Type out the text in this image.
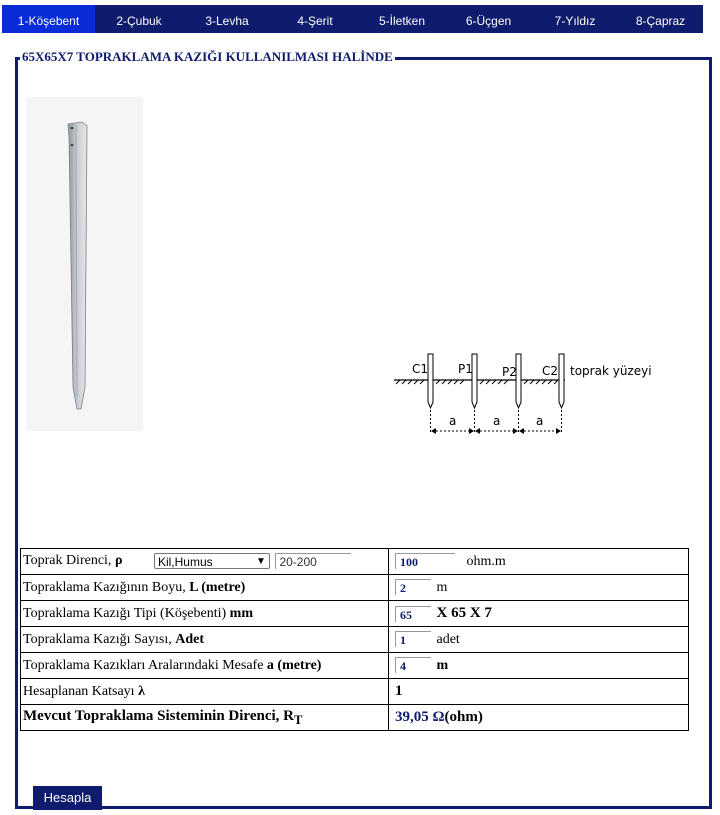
1-Köşebent	2-Çubuk	3-Levha	4-Şerit	5-İletken	6-Üçgen	7-Yıldız	8-Çapraz
65X65X7 TOPRAKLAMA KAZIĞI KULLANILMASI HALİNDE
C1 P1 P2 C2 toprak yüzeyi
a	a	a
Toprak Direnci, ρ Kil,Humus ▼ 20-200	100 ohm.m
Topraklama Kazığının Boyu, L (metre)	2 m
Topraklama Kazığı Tipi (Köşebenti) mm	65 X 65 X 7
Topraklama Kazığı Sayısı, Adet	1 adet
Topraklama Kazıkları Aralarındaki Mesafe a (metre)	4 m
Hesaplanan Katsayı λ	1
Mevcut Topraklama Sisteminin Direnci, $R_T$	39,05 Ω(ohm)
Hesapla
